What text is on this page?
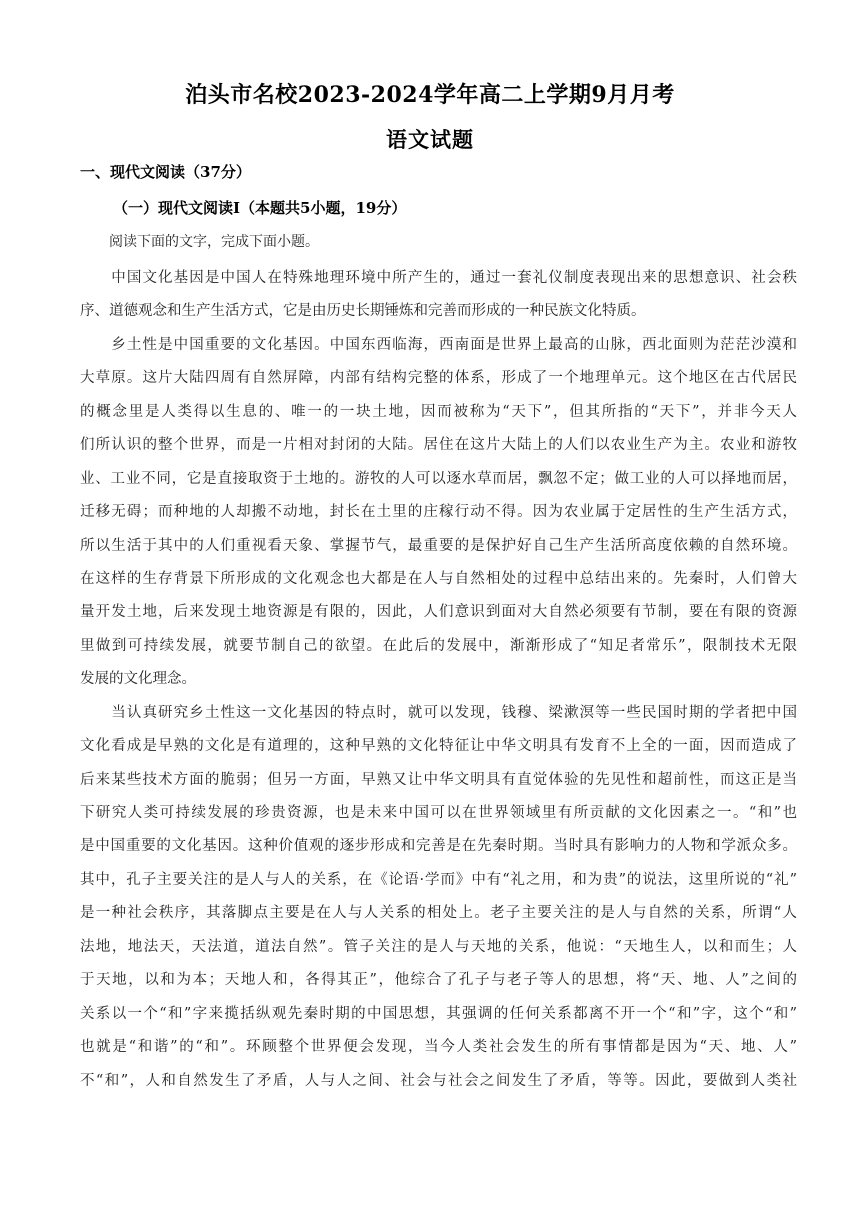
泊头市名校2023-2024学年高二上学期9月月考
语文试题
一、现代文阅读（37分）
（一）现代文阅读Ⅰ（本题共5小题，19分）
阅读下面的文字，完成下面小题。
　　中国文化基因是中国人在特殊地理环境中所产生的，通过一套礼仪制度表现出来的思想意识、社会秩
序、道德观念和生产生活方式，它是由历史长期锤炼和完善而形成的一种民族文化特质。
　　乡土性是中国重要的文化基因。中国东西临海，西南面是世界上最高的山脉，西北面则为茫茫沙漠和
大草原。这片大陆四周有自然屏障，内部有结构完整的体系，形成了一个地理单元。这个地区在古代居民
的概念里是人类得以生息的、唯一的一块土地，因而被称为“天下”，但其所指的“天下”，并非今天人
们所认识的整个世界，而是一片相对封闭的大陆。居住在这片大陆上的人们以农业生产为主。农业和游牧
业、工业不同，它是直接取资于土地的。游牧的人可以逐水草而居，飘忽不定；做工业的人可以择地而居，
迁移无碍；而种地的人却搬不动地，封长在土里的庄稼行动不得。因为农业属于定居性的生产生活方式，
所以生活于其中的人们重视看天象、掌握节气，最重要的是保护好自己生产生活所高度依赖的自然环境。
在这样的生存背景下所形成的文化观念也大都是在人与自然相处的过程中总结出来的。先秦时，人们曾大
量开发土地，后来发现土地资源是有限的，因此，人们意识到面对大自然必须要有节制，要在有限的资源
里做到可持续发展，就要节制自己的欲望。在此后的发展中，渐渐形成了“知足者常乐”，限制技术无限
发展的文化理念。
　　当认真研究乡土性这一文化基因的特点时，就可以发现，钱穆、梁漱溟等一些民国时期的学者把中国
文化看成是早熟的文化是有道理的，这种早熟的文化特征让中华文明具有发育不上全的一面，因而造成了
后来某些技术方面的脆弱；但另一方面，早熟又让中华文明具有直觉体验的先见性和超前性，而这正是当
下研究人类可持续发展的珍贵资源，也是未来中国可以在世界领域里有所贡献的文化因素之一。“和”也
是中国重要的文化基因。这种价值观的逐步形成和完善是在先秦时期。当时具有影响力的人物和学派众多。
其中，孔子主要关注的是人与人的关系，在《论语·学而》中有“礼之用，和为贵”的说法，这里所说的“礼”
是一种社会秩序，其落脚点主要是在人与人关系的相处上。老子主要关注的是人与自然的关系，所谓“人
法地，地法天，天法道，道法自然”。管子关注的是人与天地的关系，他说：“天地生人，以和而生；人
于天地，以和为本；天地人和，各得其正”，他综合了孔子与老子等人的思想，将“天、地、人”之间的
关系以一个“和”字来揽括纵观先秦时期的中国思想，其强调的任何关系都离不开一个“和”字，这个“和”
也就是“和谐”的“和”。环顾整个世界便会发现，当今人类社会发生的所有事情都是因为“天、地、人”
不“和”，人和自然发生了矛盾，人与人之间、社会与社会之间发生了矛盾，等等。因此，要做到人类社
